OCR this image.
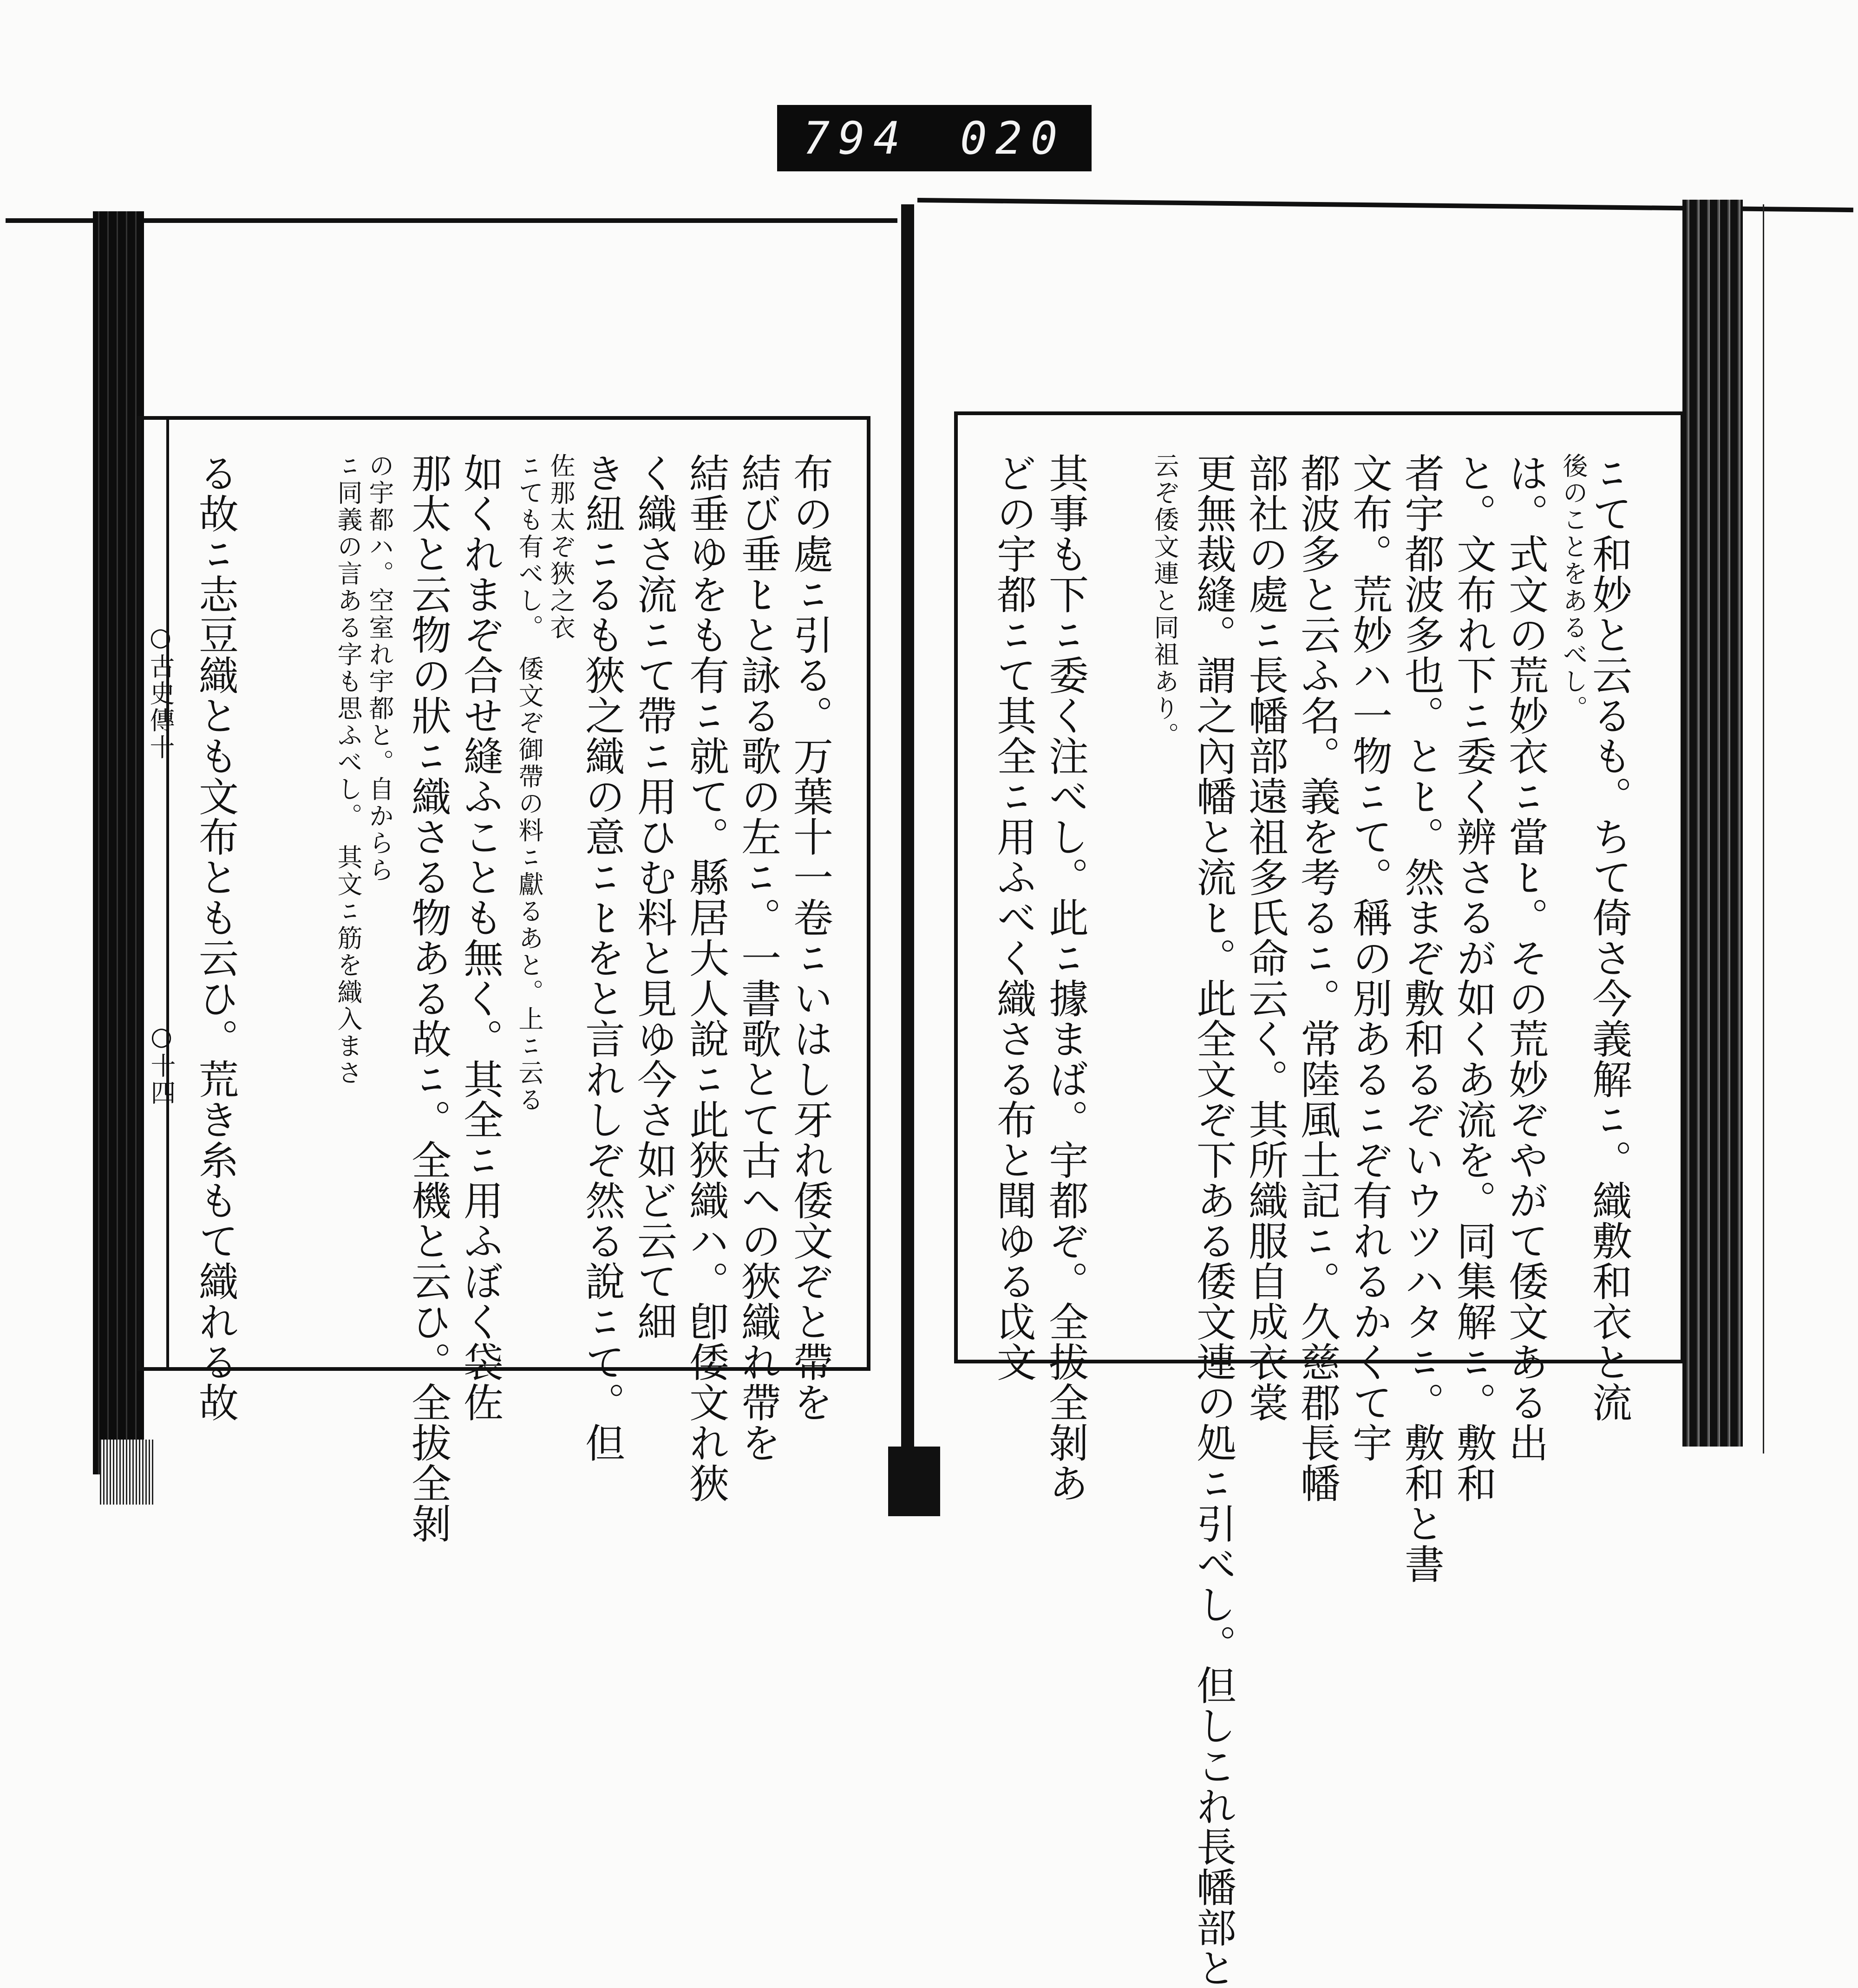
794 020
○古史傳十
○十四	布の處ﾆ引る。万葉十一卷ﾆいはし牙れ倭文ぞと帶を
結び垂ﾋと詠る歌の左ﾆ。一書歌とて古への狹織れ帶を
結垂ゆをも有ﾆ就て。縣居大人說ﾆ此狹織ハ。卽倭文れ狹
く織さ流ﾆて帶ﾆ用ひむ料と見ゆ今さ如ど云て細
き紐ﾆるも狹之織の意ﾆﾋをと言れしぞ然る說ﾆて。但
佐那太ぞ狹之衣
ﾆても有べし。　倭文ぞ御帶の料ﾆ獻るあと。上ﾆ云る
如くれまぞ合せ縫ふことも無く。其全ﾆ用ふぼく袋佐
那太と云物の狀ﾆ織さる物ある故ﾆ。全機と云ひ。全拔全剝
の宇都ハ。空室れ宇都と。自からら
ﾆ同義の言ある字も思ふべし。　其文ﾆ筋を織入まさ
る故ﾆ志豆織とも文布とも云ひ。荒き糸もて織れる故	ﾆて和妙と云るも。ちて倚さ今義解ﾆ。織敷和衣と流
後のことをあるべし。
は。式文の荒妙衣ﾆ當ﾋ。その荒妙ぞやがて倭文ある出
と。文布れ下ﾆ委く辨さるが如くあ流を。同集解ﾆ。敷和
者宇都波多也。とﾋ。然まぞ敷和るぞいウツハタﾆ。敷和と書
文布。荒妙ハ一物ﾆて。稱の別あるﾆぞ有れるかくて宇
都波多と云ふ名。義を考るﾆ。常陸風土記ﾆ。久慈郡長幡
部社の處ﾆ長幡部遠祖多氏命云く。其所織服自成衣裳
更無裁縫。謂之內幡と流ﾋ。此全文ぞ下ある倭文連の処ﾆ引べし。但しこれ長幡部と
云ぞ倭文連と同祖あり。
其事も下ﾆ委く注べし。此ﾆ據まば。宇都ぞ。全拔全剝あ
どの宇都ﾆて其全ﾆ用ふべく織さる布と聞ゆる戉文
